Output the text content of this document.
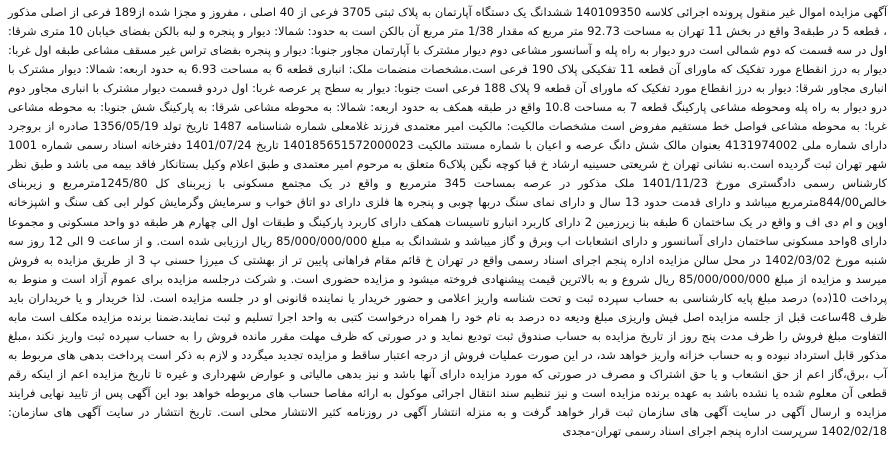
آگهی مزایده اموال غیر منقول پرونده اجرائی کلاسه 140109350 ششدانگ یک دستگاه آپارتمان به پلاک ثبتی 3705 فرعی از 40 اصلی ، مفروز و مجزا شده از189 فرعی از اصلی مذکور ، قطعه 5 در طبقه3 واقع در بخش 11 تهران به مساحت 92.73 متر مربع که مقدار 1/38 متر مربع آن بالکن است به حدود: شمالا: دیوار و پنجره و لبه بالکن بفضای خیابان 10 متری شرقا: اول در سه قسمت که دوم شمالی است درو دیوار به راه پله و آسانسور مشاعی دوم دیوار مشترک با آپارتمان مجاور جنوبا: دیوار و پنجره بفضای تراس غیر مسقف مشاعی طبقه اول غربا: دیوار به درز انقطاع مورد تفکیک که ماورای آن قطعه 11 تفکیکی پلاک 190 فرعی است.مشخصات منضمات ملک: انباری قطعه 6 به مساحت 6.93 به حدود اربعه: شمالا: دیوار مشترک با انباری مجاور شرقا: دیوار به درز انقطاع مورد تفکیک که ماورای آن قطعه 9 پلاک 188 فرعی است جنوبا: دیوار به سطح پر عرصه غربا: اول دردو قسمت دیوار مشترک با انباری مجاور دوم درو دیوار به راه پله ومحوطه مشاعی پارکینگ قطعه 7 به مساحت 10.8 واقع در طبقه همکف به حدود اربعه: شمالا: به محوطه مشاعی شرقا: به پارکینگ شش جنوبا: به محوطه مشاعی غربا: به محوطه مشاعی فواصل خط مستقیم مفروض است مشخصات مالکیت: مالکیت امیر معتمدی فرزند غلامعلی شماره شناسنامه 1487 تاریخ تولد 1356/05/19 صادره از بروجرد دارای شماره ملی 4131974002 بعنوان مالک شش دانگ عرصه و اعیان با شماره مستند مالکیت 140185651572000023 تاریخ 1401/07/24 دفترخانه اسناد رسمی شماره 1001 شهر تهران ثبت گردیده است.به نشانی تهران خ شریعتی حسینیه ارشاد خ قبا کوچه نگین پلاک6 متعلق به مرحوم امیر معتمدی و طبق اعلام وکیل بستانکار فاقد بیمه می باشد و طبق نظر کارشناس رسمی دادگستری مورخ 1401/11/23 ملک مذکور در عرصه بمساحت 345 مترمربع و واقع در یک مجتمع مسکونی با زیربنای کل 1245/80مترمربع و زیربنای خالص844/00مترمربع میباشد و دارای قدمت حدود 13 سال و دارای نمای سنگ دربها چوبی و پنجره ها فلزی دارای دو اتاق خواب و سرمایش وگرمایش کولر ابی کف سنگ و اشپزخانه اوپن و ام دی اف و واقع در یک ساختمان 6 طبقه بنا زیرزمین 2 دارای کاربرد انبارو تاسیسات همکف دارای کاربرد پارکینگ و طبقات اول الی چهارم هر طبقه دو واحد مسکونی و مجموعا دارای 8واحد مسکونی ساختمان دارای آسانسور و دارای انشعابات اب وبرق و گاز میباشد و ششدانگ به مبلغ 85/000/000/000 ریال ارزیابی شده است. و از ساعت 9 الی 12 روز سه شنبه مورخ 1402/03/02 در محل سالن مزایده اداره پنجم اجرای اسناد رسمی واقع در تهران خ قائم مقام فراهانی پایین تر از بهشتی ک میرزا حسنی پ 3 از طریق مزایده به فروش میرسد و مزایده از مبلغ 85/000/000/000 ریال شروع و به بالاترین قیمت پیشنهادی فروخته میشود و مزایده حضوری است. و شرکت درجلسه مزایده برای عموم آزاد است و منوط به پرداخت 10(ده) درصد مبلغ پایه کارشناسی به حساب سپرده ثبت و تحت شناسه واریز اعلامی و حضور خریدار یا نماینده قانونی او در جلسه مزایده است. لذا خریدار و یا خریداران باید ظرف 48ساعت قبل از جلسه مزایده اصل فیش واریزی مبلغ ودیعه ده درصد به نام خود را همراه درخواست کتبی به واحد اجرا تسلیم و ثبت نمایند.ضمنا برنده مزایده مکلف است مابه التفاوت مبلغ فروش را ظرف مدت پنج روز از تاریخ مزایده به حساب صندوق ثبت تودیع نماید و در صورتی که ظرف مهلت مقرر مانده فروش را به حساب سپرده ثبت واریز نکند ،مبلغ مذکور قابل استرداد نبوده و به حساب خزانه واریز خواهد شد، در این صورت عملیات فروش از درجه اعتبار ساقط و مزایده تجدید میگردد و لازم به ذکر است پرداخت بدهی های مربوط به آب ،برق،گاز اعم از حق انشعاب و یا حق اشتراک و مصرف در صورتی که مورد مزایده دارای آنها باشد و نیز بدهی مالیاتی و عوارض شهرداری و غیره تا تاریخ مزایده اعم از اینکه رقم قطعی آن معلوم شده یا نشده باشد به عهده برنده مزایده است و نیز تنظیم سند انتقال اجرائی موکول به ارائه مفاصا حساب های مربوطه خواهد بود این آگهی پس از تایید نهایی فرایند مزایده و ارسال آگهی در سایت آگهی های سازمان ثبت قرار خواهد گرفت و به منزله انتشار آگهی در روزنامه کثیر الانتشار محلی است. تاریخ انتشار در سایت آگهی های سازمان: 1402/02/18 سرپرست اداره پنجم اجرای اسناد رسمی تهران-مجدی
